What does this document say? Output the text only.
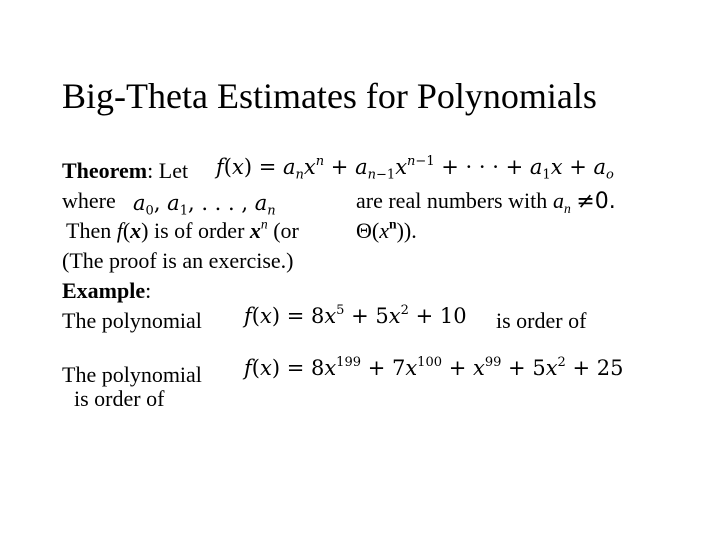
Big-Theta Estimates for Polynomials
Theorem: Let $f(x) = a_nx^n + a_{n-1}x^{n-1}$ + · · · + $a_1x + a_o$
where $a_0$, $a_1$, . . . , $a_n$	are real numbers with $a_n \ne 0$.
Then f(x) is of order $x^n$ (or	$\Theta(x^n)$).
(The proof is an exercise.)
Example:
The polynomial $f(x) = 8x^5 + 5x^2 + 10$ is order of
The polynomial $f(x) = 8x^{199} + 7x^{100} + x^{99} + 5x^2 + 25$
is order of
